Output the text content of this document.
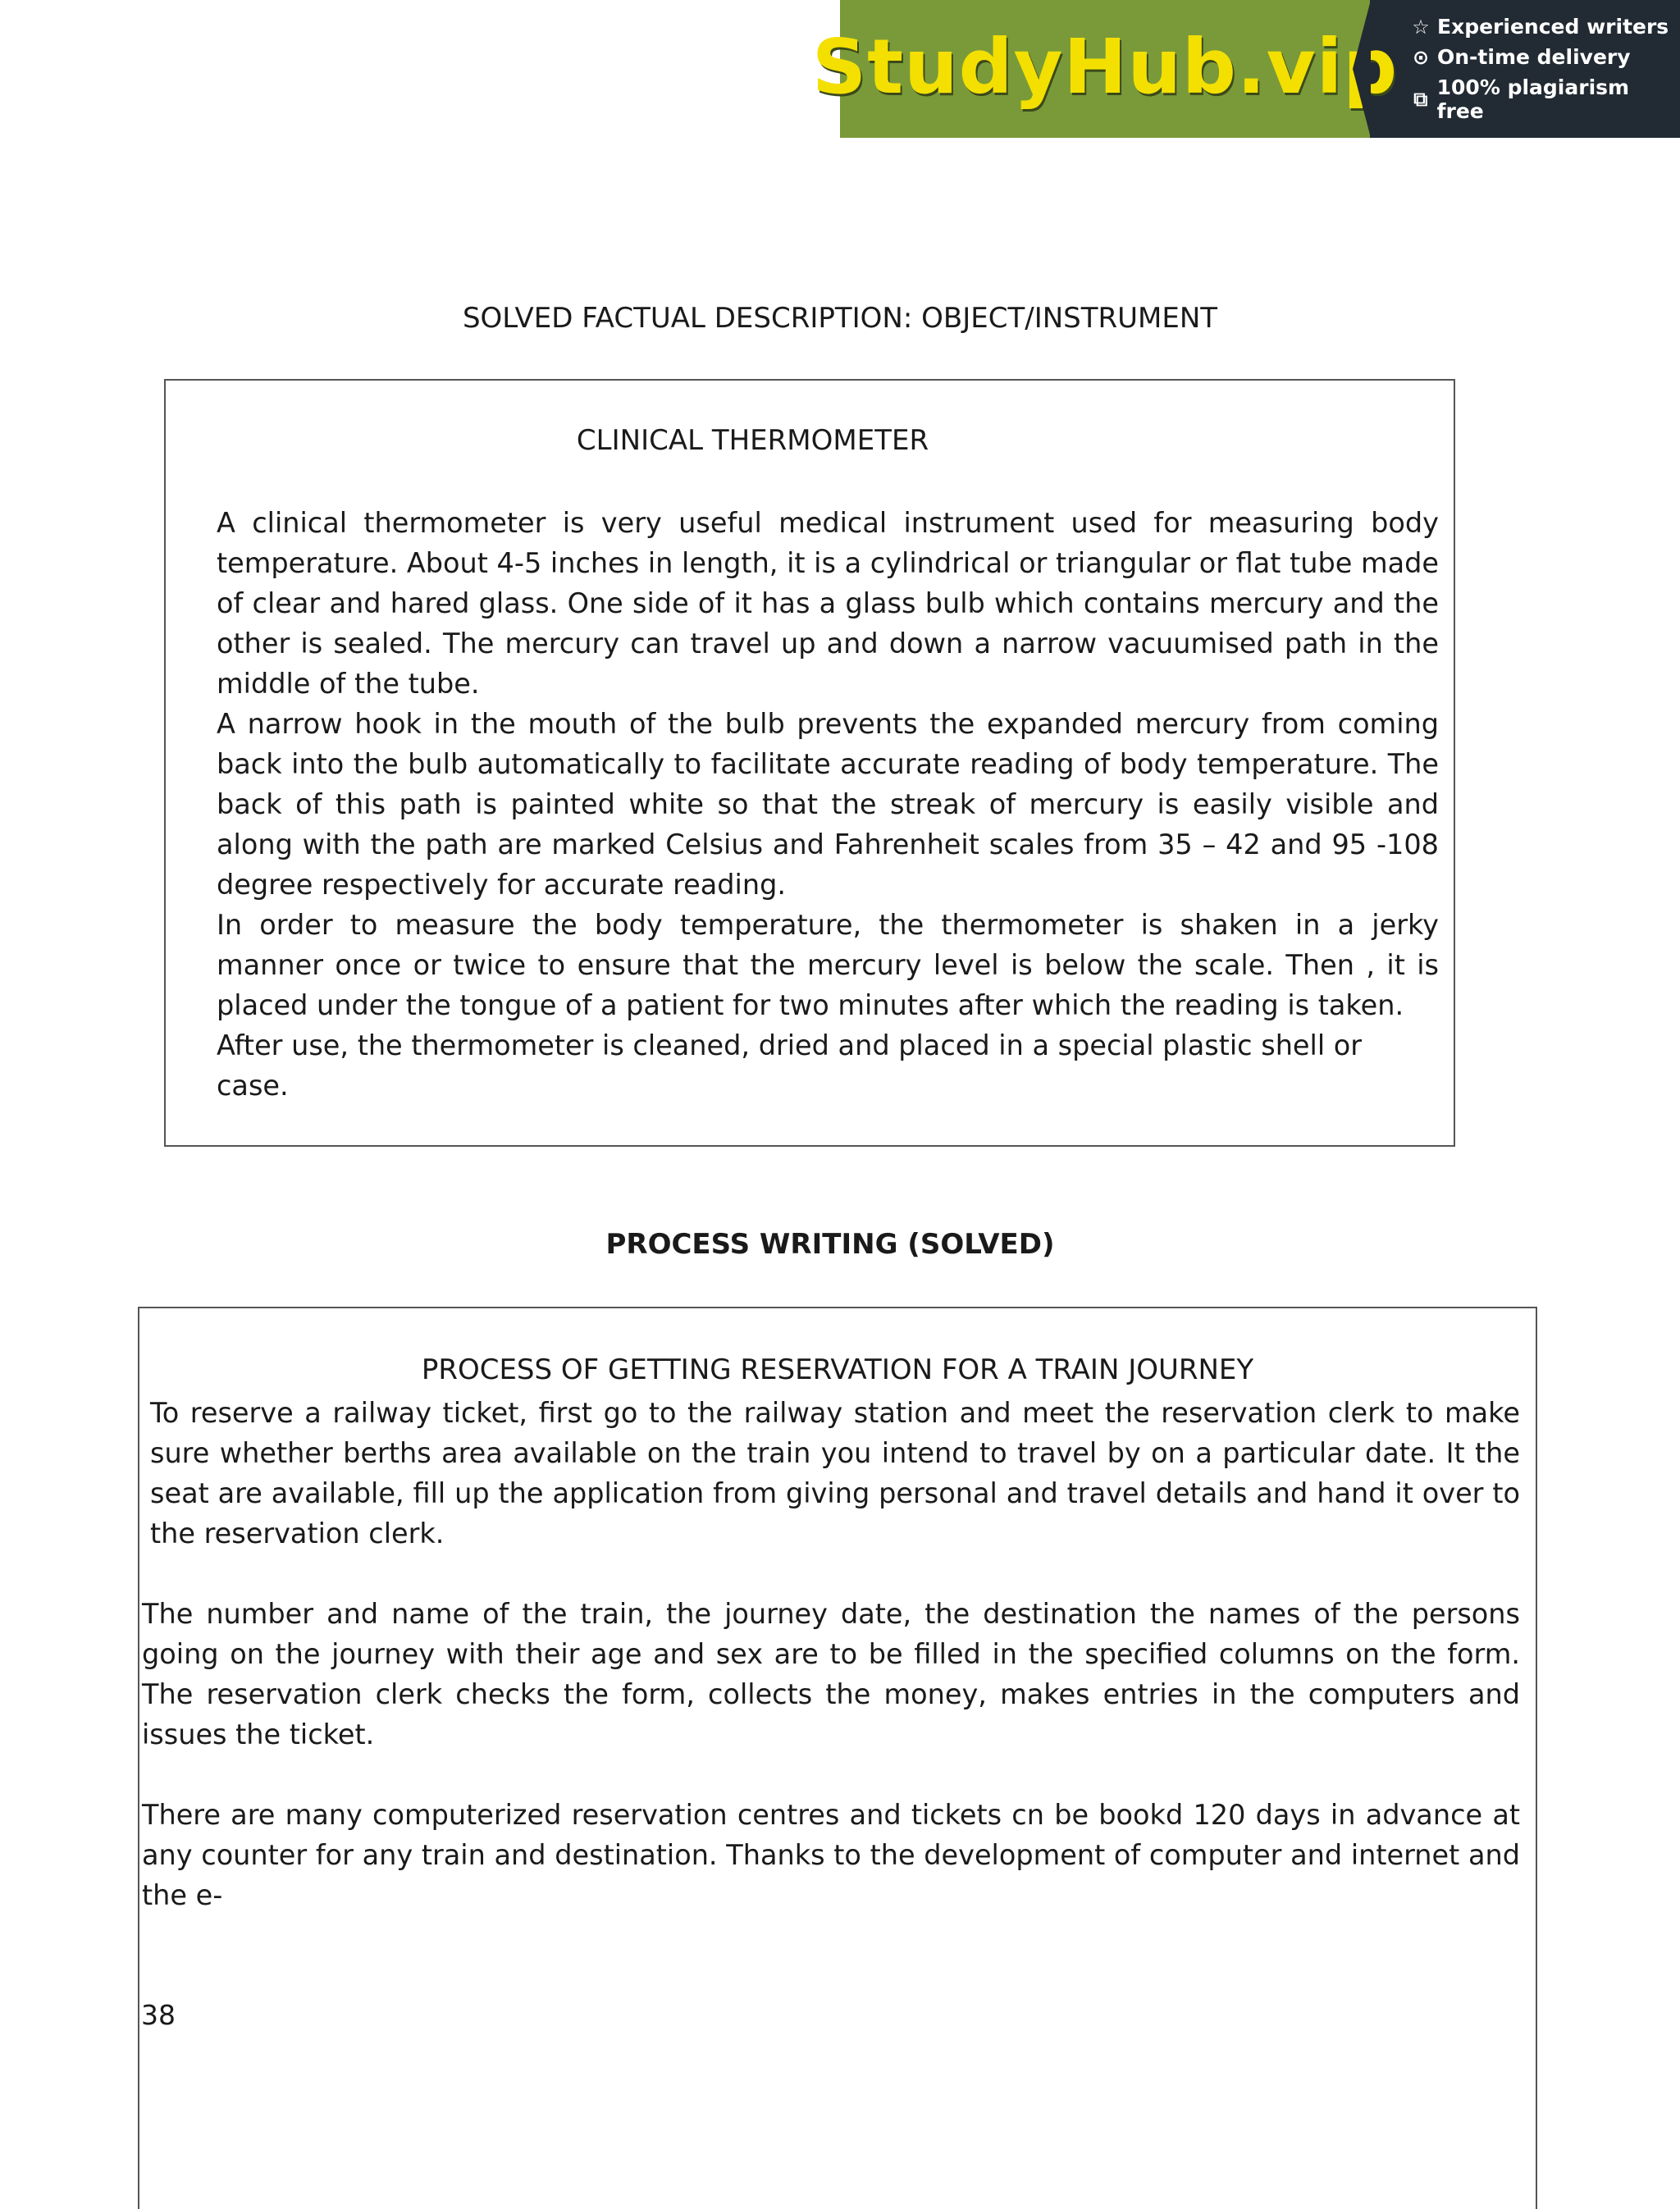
StudyHub.vip ☆ Experienced writers
⊙ On-time delivery
⧉ 100% plagiarism free
SOLVED FACTUAL DESCRIPTION: OBJECT/INSTRUMENT
CLINICAL THERMOMETER

A clinical thermometer is very useful medical instrument used for measuring body temperature. About 4-5 inches in length, it is a cylindrical or triangular or flat tube made of clear and hared glass. One side of it has a glass bulb which contains mercury and the other is sealed. The mercury can travel up and down a narrow vacuumised path in the middle of the tube.

A narrow hook in the mouth of the bulb prevents the expanded mercury from coming back into the bulb automatically to facilitate accurate reading of body temperature. The back of this path is painted white so that the streak of mercury is easily visible and along with the path are marked Celsius and Fahrenheit scales from 35 – 42 and 95 -108 degree respectively for accurate reading.

In order to measure the body temperature, the thermometer is shaken in a jerky manner once or twice to ensure that the mercury level is below the scale. Then , it is placed under the tongue of a patient for two minutes after which the reading is taken.

After use, the thermometer is cleaned, dried and placed in a special plastic shell or case.

PROCESS WRITING (SOLVED)
PROCESS OF GETTING RESERVATION FOR A TRAIN JOURNEY

To reserve a railway ticket, first go to the railway station and meet the reservation clerk to make sure whether berths area available on the train you intend to travel by on a particular date. It the seat are available, fill up the application from giving personal and travel details and hand it over to the reservation clerk.

The number and name of the train, the journey date, the destination the names of the persons going on the journey with their age and sex are to be filled in the specified columns on the form. The reservation clerk checks the form, collects the money, makes entries in the computers and issues the ticket.

There are many computerized reservation centres and tickets cn be bookd 120 days in advance at any counter for any train and destination. Thanks to the development of computer and internet and the e-

38
